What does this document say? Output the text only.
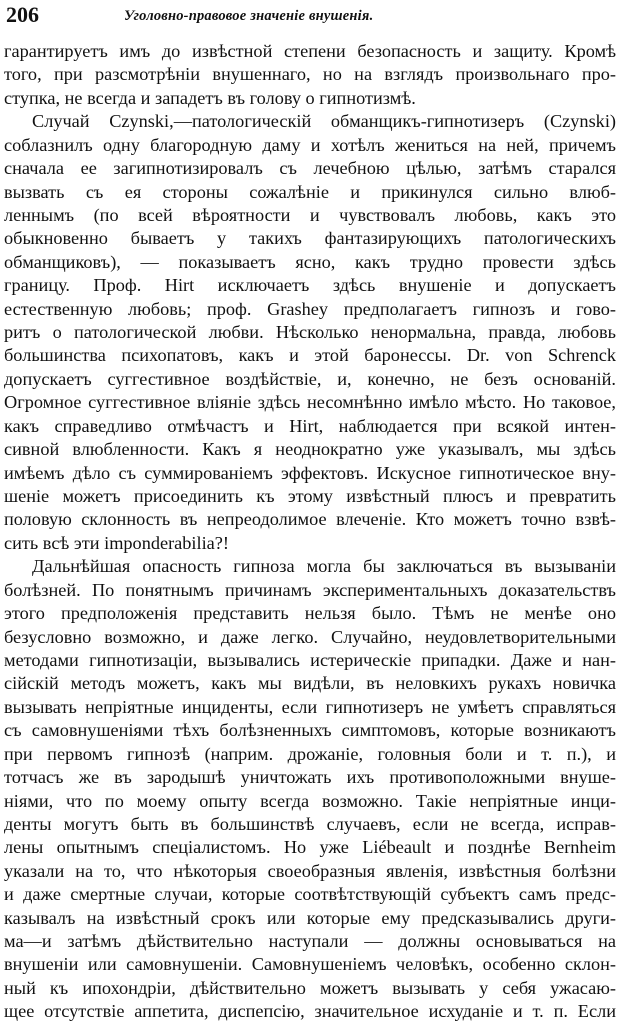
206	Уголовно-правовое значеніе внушенія.
гарантируетъ имъ до извѣстной степени безопасность и защиту. Кромѣ
того, при разсмотрѣніи внушеннаго, но на взглядъ произвольнаго про-
ступка, не всегда и западетъ въ голову о гипнотизмѣ.
Случай Czynski,—патологическій обманщикъ-гипнотизеръ (Czynski)
соблазнилъ одну благородную даму и хотѣлъ жениться на ней, причемъ
сначала ее загипнотизировалъ съ лечебною цѣлью, затѣмъ старался
вызвать съ ея стороны сожалѣніе и прикинулся сильно влюб-
леннымъ (по всей вѣроятности и чувствовалъ любовь, какъ это
обыкновенно бываетъ у такихъ фантазирующихъ патологическихъ
обманщиковъ), — показываетъ ясно, какъ трудно провести здѣсь
границу. Проф. Hirt исключаетъ здѣсь внушеніе и допускаетъ
естественную любовь; проф. Grashey предполагаетъ гипнозъ и гово-
ритъ о патологической любви. Нѣсколько ненормальна, правда, любовь
большинства психопатовъ, какъ и этой баронессы. Dr. von Schrenck
допускаетъ суггестивное воздѣйствіе, и, конечно, не безъ основаній.
Огромное суггестивное вліяніе здѣсь несомнѣнно имѣло мѣсто. Но таковое,
какъ справедливо отмѣчастъ и Hirt, наблюдается при всякой интен-
сивной влюбленности. Какъ я неоднократно уже указывалъ, мы здѣсь
имѣемъ дѣло съ суммированіемъ эффектовъ. Искусное гипнотическое вну-
шеніе можетъ присоединить къ этому извѣстный плюсъ и превратить
половую склонность въ непреодолимое влеченіе. Кто можетъ точно взвѣ-
сить всѣ эти imponderabilia?!
Дальнѣйшая опасность гипноза могла бы заключаться въ вызываніи
болѣзней. По понятнымъ причинамъ экспериментальныхъ доказательствъ
этого предположенія представить нельзя было. Тѣмъ не менѣе оно
безусловно возможно, и даже легко. Случайно, неудовлетворительными
методами гипнотизаціи, вызывались истерическіе припадки. Даже и нан-
сійскій методъ можетъ, какъ мы видѣли, въ неловкихъ рукахъ новичка
вызывать непріятные инциденты, если гипнотизеръ не умѣетъ справляться
съ самовнушеніями тѣхъ болѣзненныхъ симптомовъ, которые возникаютъ
при первомъ гипнозѣ (наприм. дрожаніе, головныя боли и т. п.), и
тотчасъ же въ зародышѣ уничтожать ихъ противоположными внуше-
ніями, что по моему опыту всегда возможно. Такіе непріятные инци-
денты могутъ быть въ большинствѣ случаевъ, если не всегда, исправ-
лены опытнымъ спеціалистомъ. Но уже Liébeault и позднѣе Bernheim
указали на то, что нѣкоторыя своеобразныя явленія, извѣстныя болѣзни
и даже смертные случаи, которые соотвѣтствующій субъектъ самъ предс-
казывалъ на извѣстный срокъ или которые ему предсказывались други-
ма—и затѣмъ дѣйствительно наступали — должны основываться на
внушеніи или самовнушеніи. Самовнушеніемъ человѣкъ, особенно склон-
ный къ ипохондріи, дѣйствительно можетъ вызывать у себя ужасаю-
щее отсутствіе аппетита, диспепсію, значительное исхуданіе и т. п. Если
